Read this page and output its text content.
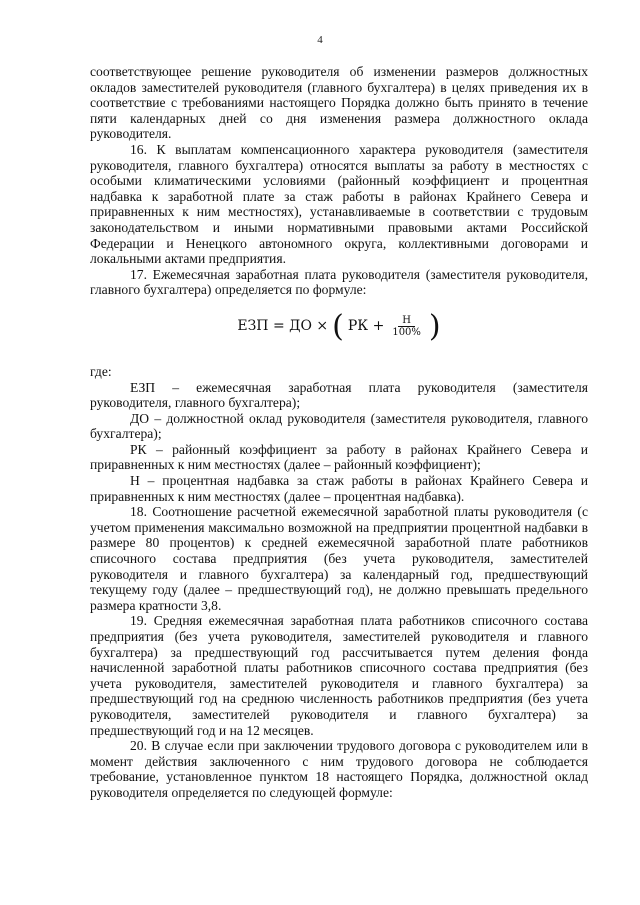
4

соответствующее решение руководителя об изменении размеров должностных окладов заместителей руководителя (главного бухгалтера) в целях приведения их в соответствие с требованиями настоящего Порядка должно быть принято в течение пяти календарных дней со дня изменения размера должностного оклада руководителя.

16. К выплатам компенсационного характера руководителя (заместителя руководителя, главного бухгалтера) относятся выплаты за работу в местностях с особыми климатическими условиями (районный коэффициент и процентная надбавка к заработной плате за стаж работы в районах Крайнего Севера и приравненных к ним местностях), устанавливаемые в соответствии с трудовым законодательством и иными нормативными правовыми актами Российской Федерации и Ненецкого автономного округа, коллективными договорами и локальными актами предприятия.

17. Ежемесячная заработная плата руководителя (заместителя руководителя, главного бухгалтера) определяется по формуле:

ЕЗП = ДО × ( РК + $\frac{Н}{100\%}$ )

где:

ЕЗП – ежемесячная заработная плата руководителя (заместителя руководителя, главного бухгалтера);

ДО – должностной оклад руководителя (заместителя руководителя, главного бухгалтера);

РК – районный коэффициент за работу в районах Крайнего Севера и приравненных к ним местностях (далее – районный коэффициент);

Н – процентная надбавка за стаж работы в районах Крайнего Севера и приравненных к ним местностях (далее – процентная надбавка).

18. Соотношение расчетной ежемесячной заработной платы руководителя (с учетом применения максимально возможной на предприятии процентной надбавки в размере 80 процентов) к средней ежемесячной заработной плате работников списочного состава предприятия (без учета руководителя, заместителей руководителя и главного бухгалтера) за календарный год, предшествующий текущему году (далее – предшествующий год), не должно превышать предельного размера кратности 3,8.

19. Средняя ежемесячная заработная плата работников списочного состава предприятия (без учета руководителя, заместителей руководителя и главного бухгалтера) за предшествующий год рассчитывается путем деления фонда начисленной заработной платы работников списочного состава предприятия (без учета руководителя, заместителей руководителя и главного бухгалтера) за предшествующий год на среднюю численность работников предприятия (без учета руководителя, заместителей руководителя и главного бухгалтера) за предшествующий год и на 12 месяцев.

20. В случае если при заключении трудового договора с руководителем или в момент действия заключенного с ним трудового договора не соблюдается требование, установленное пунктом 18 настоящего Порядка, должностной оклад руководителя определяется по следующей формуле:
